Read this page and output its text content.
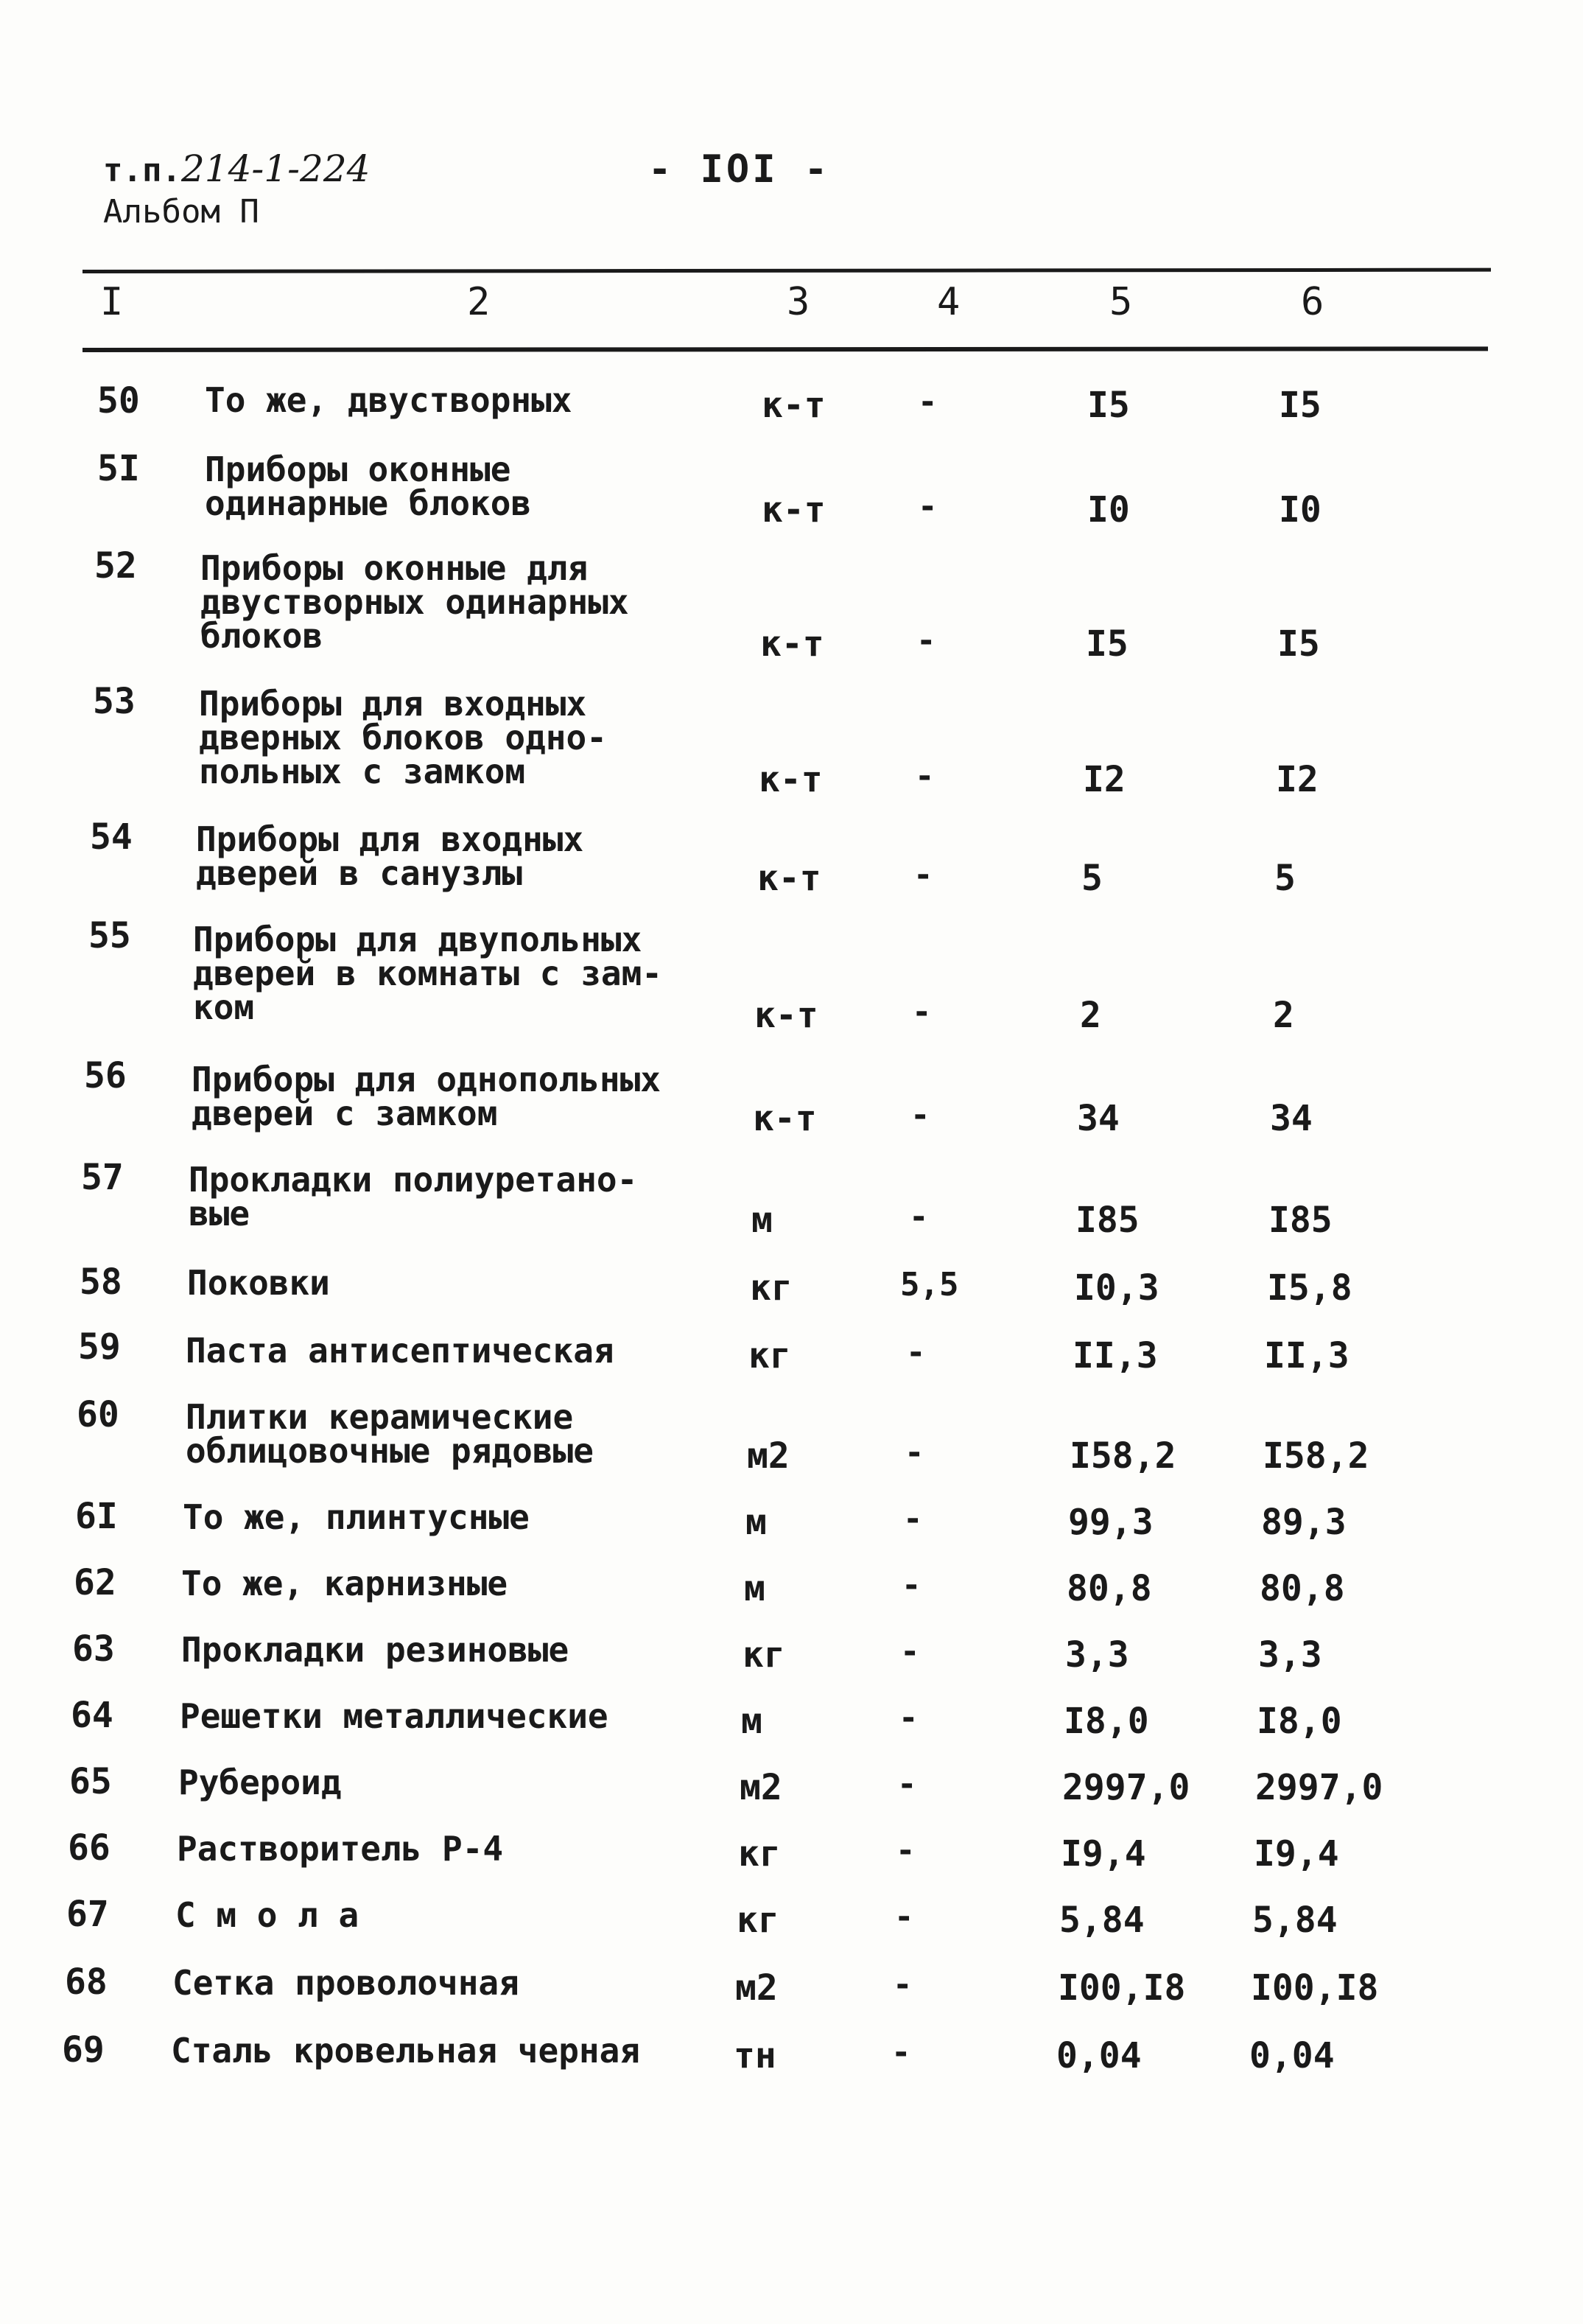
т.п.214-1-224
Альбом П
- IOI -
I	2	3	4	5	6
50 То же, двустворных	к-т	-	I5	I5
5I Приборы оконные
одинарные блоков	к-т	-	I0	I0
52 Приборы оконные для
двустворных одинарных
блоков	к-т	-	I5	I5
53 Приборы для входных
дверных блоков одно-
польных с замком	к-т	-	I2	I2
54 Приборы для входных
дверей в санузлы	к-т	-	5	5
55 Приборы для двупольных
дверей в комнаты с зам-
ком	к-т	-	2	2
56 Приборы для однопольных
дверей с замком	к-т	-	34	34
57 Прокладки полиуретано-
вые	м	-	I85	I85
58 Поковки	кг	5,5	I0,3	I5,8
59 Паста антисептическая	кг	-	II,3	II,3
60 Плитки керамические
облицовочные рядовые	м2	-	I58,2 I58,2
6I То же, плинтусные	м	-	99,3	89,3
62 То же, карнизные	м	-	80,8	80,8
63 Прокладки резиновые	кг	-	3,3	3,3
64 Решетки металлические	м	-	I8,0	I8,0
65 Рубероид	м2	-	2997,0 2997,0
66 Растворитель Р-4	кг	-	I9,4	I9,4
67 С м о л а	кг	-	5,84	5,84
68 Сетка проволочная	м2	-	I00,I8 I00,I8
69 Сталь кровельная черная	тн	-	0,04	0,04
